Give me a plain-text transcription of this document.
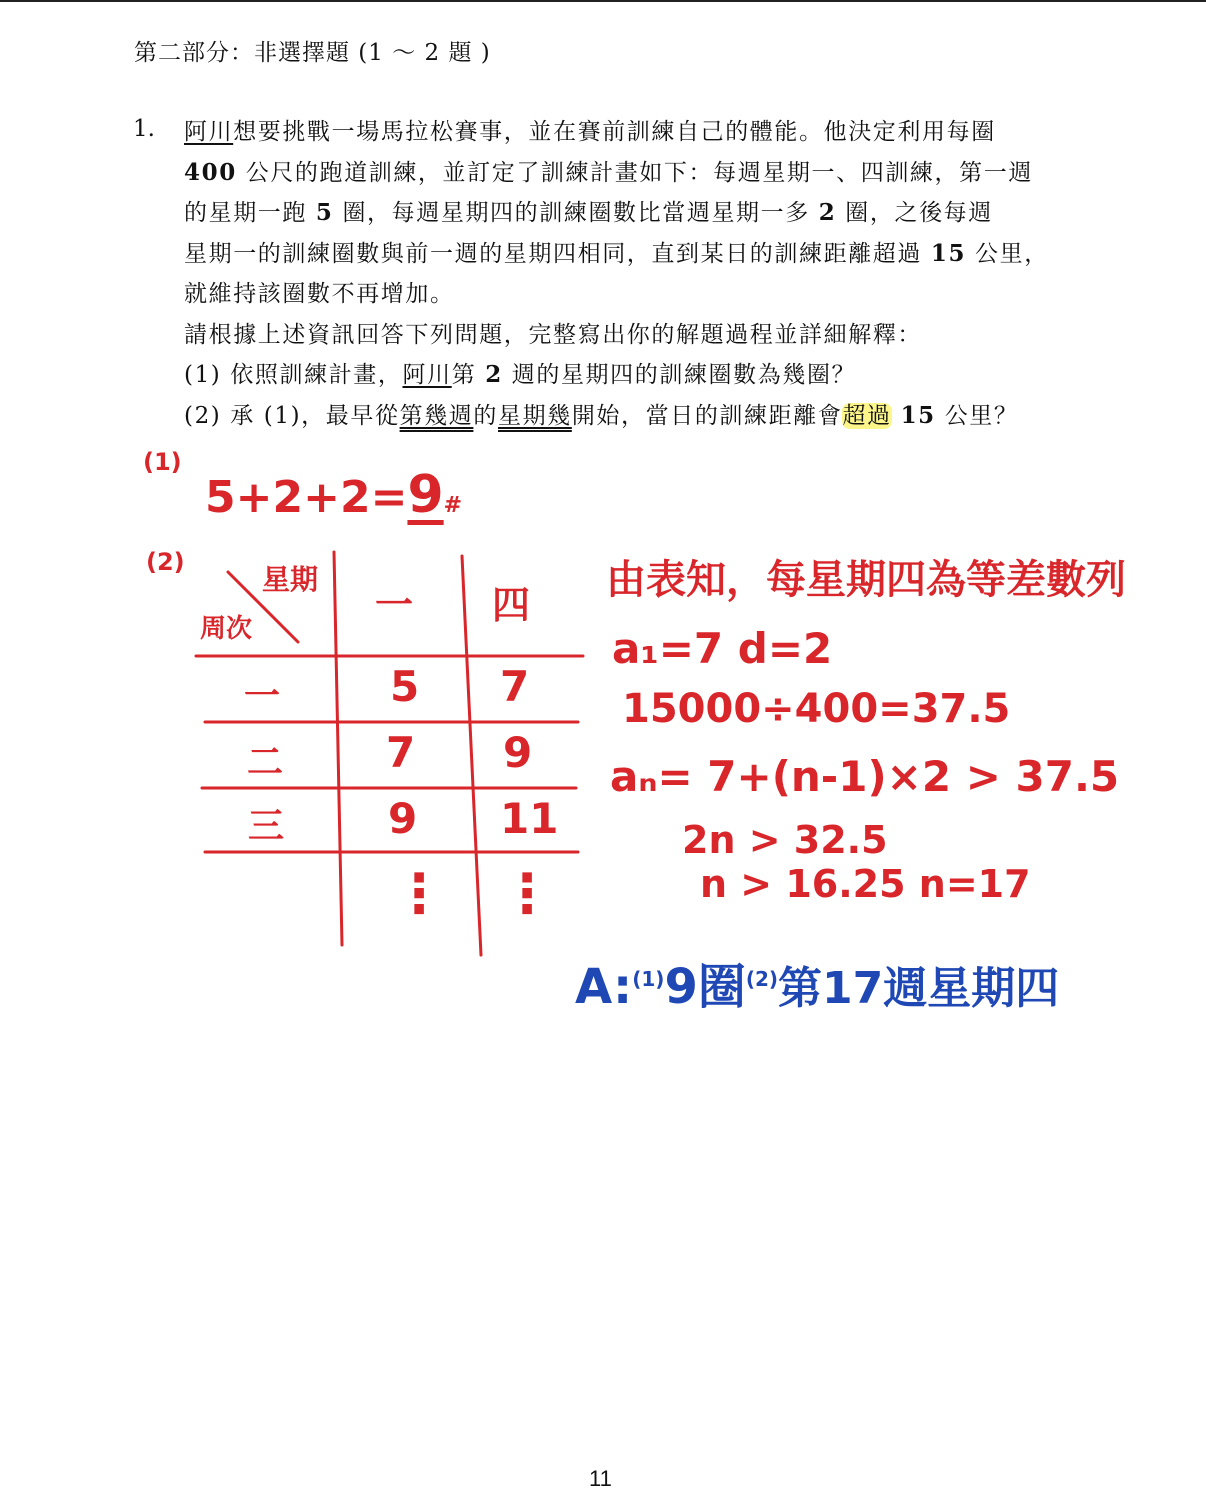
第二部分：非選擇題 (1 ～ 2 題 )
1. 阿川想要挑戰一場馬拉松賽事，並在賽前訓練自己的體能。他決定利用每圈
400 公尺的跑道訓練，並訂定了訓練計畫如下：每週星期一、四訓練，第一週
的星期一跑 5 圈，每週星期四的訓練圈數比當週星期一多 2 圈，之後每週
星期一的訓練圈數與前一週的星期四相同，直到某日的訓練距離超過 15 公里，
就維持該圈數不再增加。
請根據上述資訊回答下列問題，完整寫出你的解題過程並詳細解釋：
(1) 依照訓練計畫，阿川第 2 週的星期四的訓練圈數為幾圈？
(2) 承 (1)，最早從第幾週的星期幾開始，當日的訓練距離會超過 15 公里？
(1)
5+2+2=9#
(2)
星期
周次
一 四
一	5 7
二 7 9
三 9 11
⋮ ⋮
由表知，每星期四為等差數列
a₁=7 d=2
15000÷400=37.5
aₙ= 7+(n-1)×2 > 37.5
2n > 32.5
n > 16.25 n=17
A:$^{(1)}$9圈$^{(2)}$第17週星期四
11
